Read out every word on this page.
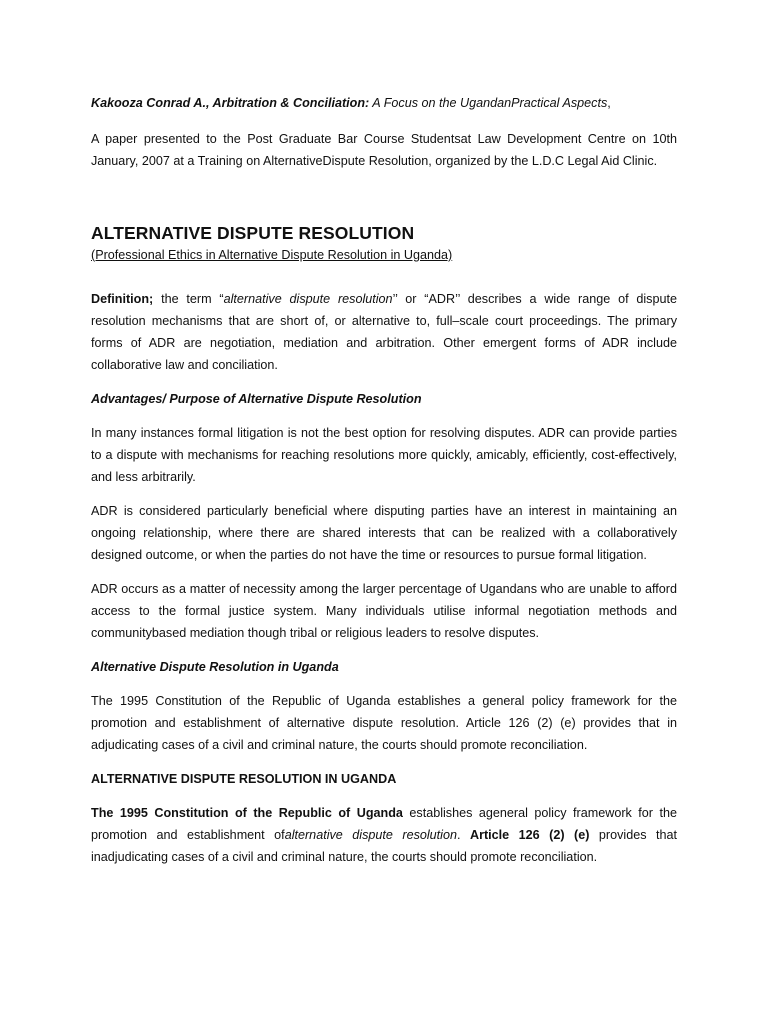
Kakooza Conrad A., Arbitration & Conciliation: A Focus on the UgandanPractical Aspects,

A paper presented to the Post Graduate Bar Course Studentsat Law Development Centre on 10th January, 2007 at a Training on AlternativeDispute Resolution, organized by the L.D.C Legal Aid Clinic.

ALTERNATIVE DISPUTE RESOLUTION

(Professional Ethics in Alternative Dispute Resolution in Uganda)

Definition; the term “alternative dispute resolution’’ or “ADR’’ describes a wide range of dispute resolution mechanisms that are short of, or alternative to, full–scale court proceedings. The primary forms of ADR are negotiation, mediation and arbitration. Other emergent forms of ADR include collaborative law and conciliation.

Advantages/ Purpose of Alternative Dispute Resolution

In many instances formal litigation is not the best option for resolving disputes. ADR can provide parties to a dispute with mechanisms for reaching resolutions more quickly, amicably, efficiently, cost-effectively, and less arbitrarily.

ADR is considered particularly beneficial where disputing parties have an interest in maintaining an ongoing relationship, where there are shared interests that can be realized with a collaboratively designed outcome, or when the parties do not have the time or resources to pursue formal litigation.

ADR occurs as a matter of necessity among the larger percentage of Ugandans who are unable to afford access to the formal justice system. Many individuals utilise informal negotiation methods and communitybased mediation though tribal or religious leaders to resolve disputes.

Alternative Dispute Resolution in Uganda

The 1995 Constitution of the Republic of Uganda establishes a general policy framework for the promotion and establishment of alternative dispute resolution. Article 126 (2) (e) provides that in adjudicating cases of a civil and criminal nature, the courts should promote reconciliation.

ALTERNATIVE DISPUTE RESOLUTION IN UGANDA

The 1995 Constitution of the Republic of Uganda establishes ageneral policy framework for the promotion and establishment ofalternative dispute resolution. Article 126 (2) (e) provides that inadjudicating cases of a civil and criminal nature, the courts should promote reconciliation.
